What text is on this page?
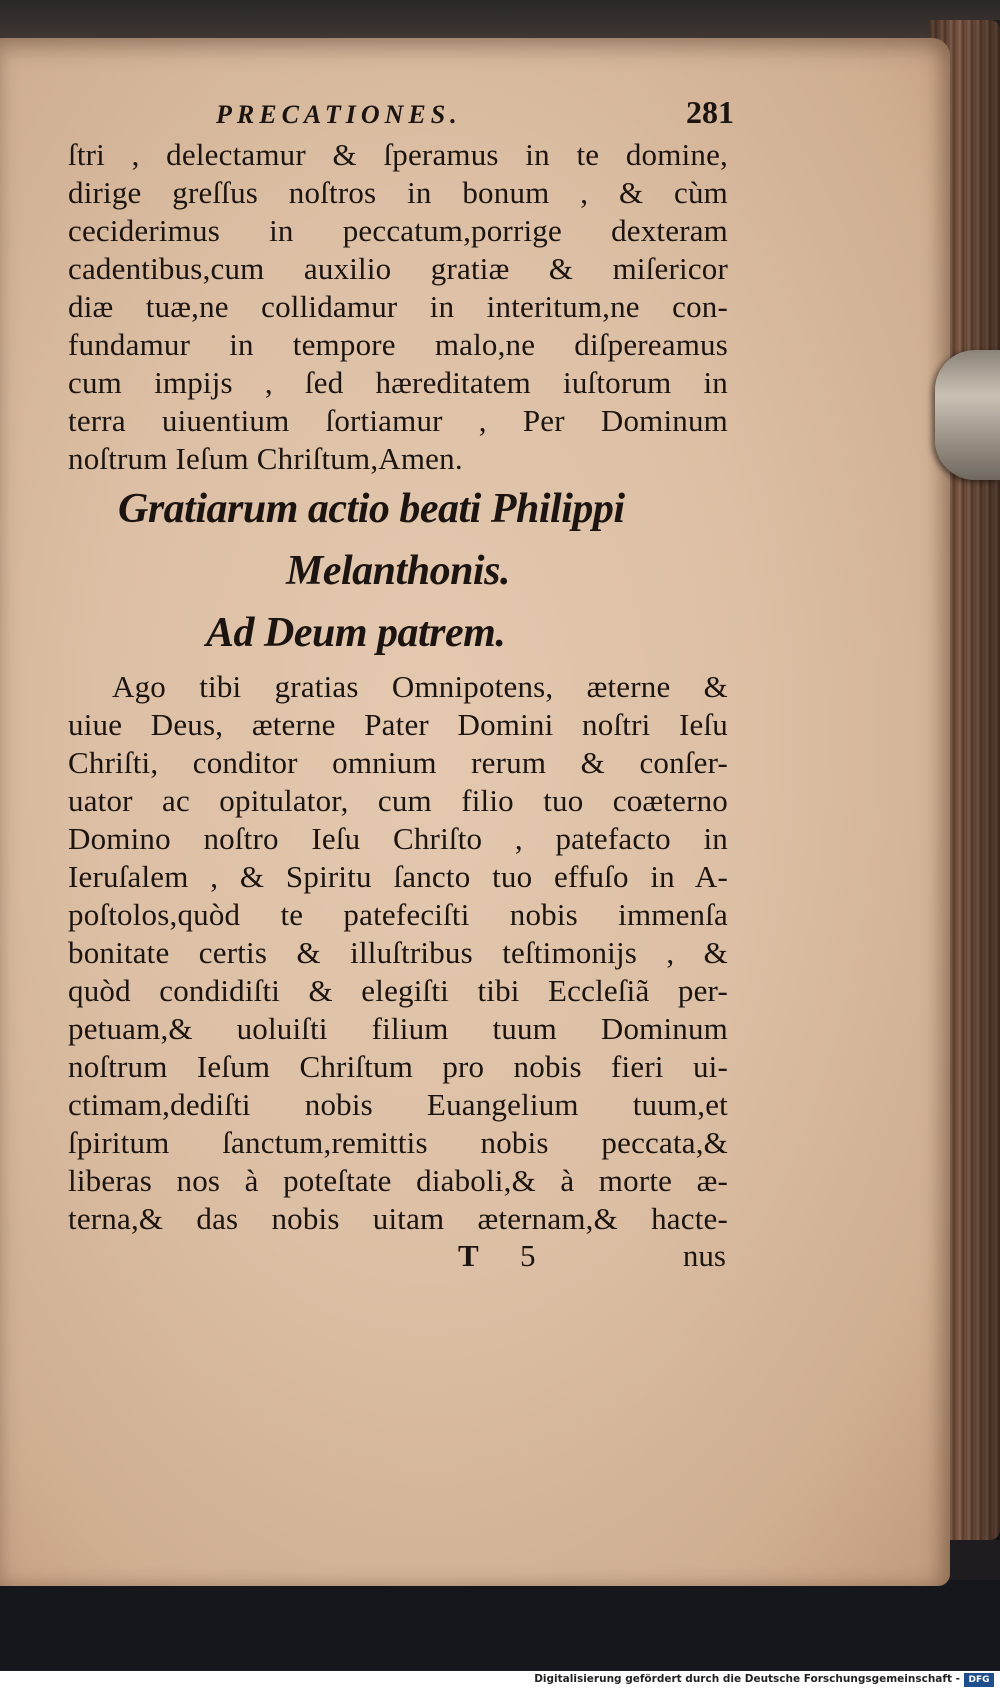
PRECATIONES.	281
ſtri , delectamur & ſperamus in te domine,
dirige greſſus noſtros in bonum , & cùm
ceciderimus in peccatum,porrige dexteram
cadentibus,cum auxilio gratiæ & miſericor
diæ tuæ,ne collidamur in interitum,ne con-
fundamur in tempore malo,ne diſpereamus
cum impijs , ſed hæreditatem iuſtorum in
terra uiuentium ſortiamur , Per Dominum
noſtrum Ieſum Chriſtum,Amen.
Gratiarum actio beati Philippi
Melanthonis.
Ad Deum patrem.
Ago tibi gratias Omnipotens, æterne &
uiue Deus, æterne Pater Domini noſtri Ieſu
Chriſti, conditor omnium rerum & conſer-
uator ac opitulator, cum filio tuo coæterno
Domino noſtro Ieſu Chriſto , patefacto in
Ieruſalem , & Spiritu ſancto tuo effuſo in A-
poſtolos,quòd te patefeciſti nobis immenſa
bonitate certis & illuſtribus teſtimonijs , &
quòd condidiſti & elegiſti tibi Eccleſiã per-
petuam,& uoluiſti filium tuum Dominum
noſtrum Ieſum Chriſtum pro nobis fieri ui-
ctimam,dediſti nobis Euangelium tuum,et
ſpiritum ſanctum,remittis nobis peccata,&
liberas nos à poteſtate diaboli,& à morte æ-
terna,& das nobis uitam æternam,& hacte-
T 5	nus
Digitalisierung gefördert durch die Deutsche Forschungsgemeinschaft - DFG
